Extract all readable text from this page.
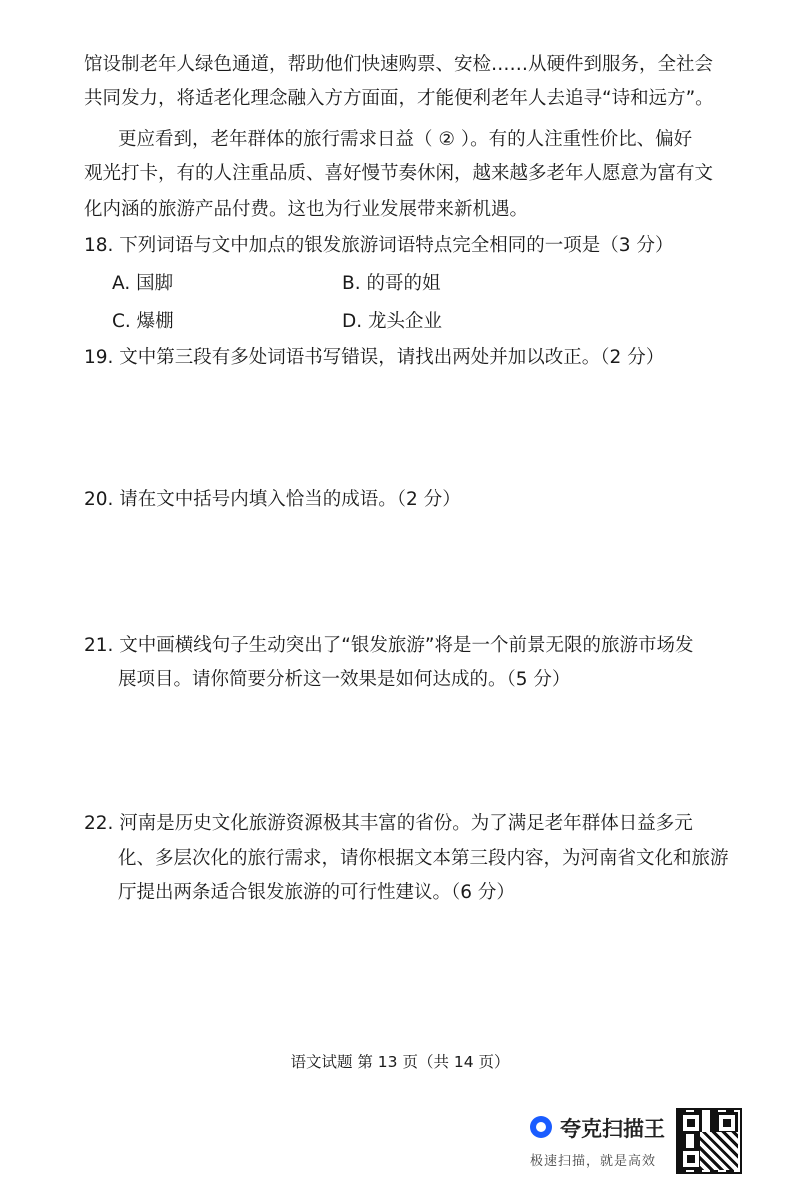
馆设制老年人绿色通道，帮助他们快速购票、安检……从硬件到服务，全社会
共同发力，将适老化理念融入方方面面，才能便利老年人去追寻“诗和远方”。
更应看到，老年群体的旅行需求日益（ ② ）。有的人注重性价比、偏好
观光打卡，有的人注重品质、喜好慢节奏休闲，越来越多老年人愿意为富有文
化内涵的旅游产品付费。这也为行业发展带来新机遇。
18. 下列词语与文中加点的银发旅游词语特点完全相同的一项是（3 分）
A. 国脚	B. 的哥的姐
C. 爆棚	D. 龙头企业
19. 文中第三段有多处词语书写错误，请找出两处并加以改正。（2 分）
20. 请在文中括号内填入恰当的成语。（2 分）
21. 文中画横线句子生动突出了“银发旅游”将是一个前景无限的旅游市场发
展项目。请你简要分析这一效果是如何达成的。（5 分）
22. 河南是历史文化旅游资源极其丰富的省份。为了满足老年群体日益多元
化、多层次化的旅行需求，请你根据文本第三段内容，为河南省文化和旅游
厅提出两条适合银发旅游的可行性建议。（6 分）
语文试题 第 13 页（共 14 页）
夸克扫描王
极速扫描，就是高效
